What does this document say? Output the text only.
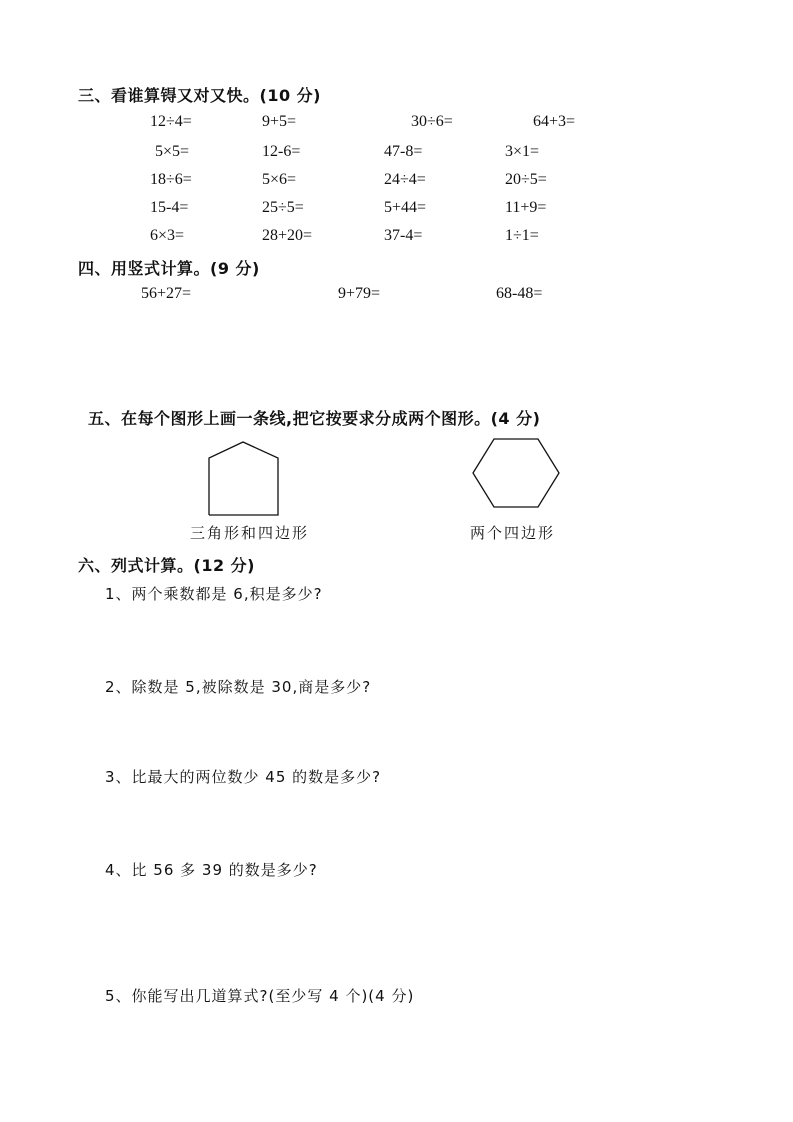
三、看谁算锝又对又快。(10 分)
12÷4=	9+5=	30÷6=	64+3=
5×5=	12-6=	47-8=	3×1=
18÷6=	5×6=	24÷4=	20÷5=
15-4=	25÷5=	5+44=	11+9=
6×3=	28+20=	37-4=	1÷1=
四、用竖式计算。(9 分)
56+27=	9+79=	68-48=
五、在每个图形上画一条线,把它按要求分成两个图形。(4 分)
三角形和四边形	两个四边形
六、列式计算。(12 分)
1、两个乘数都是 6,积是多少?
2、除数是 5,被除数是 30,商是多少?
3、比最大的两位数少 45 的数是多少?
4、比 56 多 39 的数是多少?
5、你能写出几道算式?(至少写 4 个)(4 分)
